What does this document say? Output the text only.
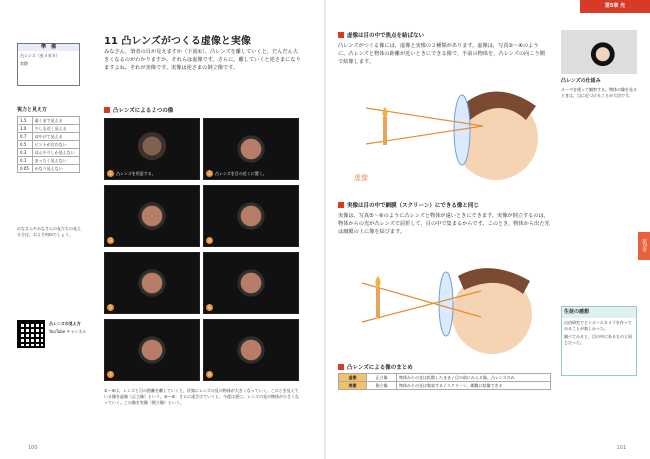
準　備
凸レンズ（虫メガネ）
実際
視力と見え方
1.5	遠くまで見える
1.0	少しも近く見える
0.7	ぼやけて見える
0.5	ピントが合わない
0.3	ぼんやりしか見えない
0.1	まったく見えない
0.05	かなり見えない
みなさんやみなさんの友だちの見える方は，およそ何mでしょう。
凸レンズの見え方
YouTube チャンネル
11 凸レンズがつくる虚像と実像
みなさん，筆者の目が見えますか（下図①）。凸レンズを離していくと，だんだん大きくなるのがわかりますか。それらは虚像です。さらに，離していくと逆さまになりますよね。それが実像です。実像は逆さまの倒立像です。
凸レンズによる２つの像
1 凸レンズを用意する。	2 凸レンズを目の近くに置く。
3	4
5	6
7	8
①〜④は，レンズと目の距離を離していくと，次第にレンズの見の物体が大きくなっていく。このとき見えている像を虚像（正立像）という。⑤〜⑥：さらに遠ざけていくと，今度は逆に，レンズの見の物体が小さくなっていく。この像を実像（倒立像）という。
100
第5章 光
虚像は目の中で焦点を結ばない
凸レンズがつくる像には，虚像と実像の２種類があります。虚像は，写真②〜④のように，凸レンズと物体の距離が近いときにできる像で，手前の物体を，凸レンズの向こう側で結像します。
虚像
実像は目の中で網膜（スクリーン）にできる像と同じ
実像は，写真⑤〜⑥のように凸レンズと物体が遠いときにできます。実像が倒立するのは，物体からの光が凸レンズで屈折して，目の中で集まるからです。このとき，物体から出た光は網膜の上に像を結びます。
凸レンズによる像のまとめ
虚像	正立像	物体からの光は拡散したまま / 目の前にみえる像，凸レンズのみ
実像	倒立像	物体からの光は集束する / スクリーン，網膜に結像できる
凸レンズの仕組み
ルーペを使って観察する。物体の像を見るときは，目に近づけることが大切です。
生徒の感想
自由研究でピンホールカメラを作ってみることが楽しかった。
調べてみると，目の中にあるものと同じだった。
第5章
101
